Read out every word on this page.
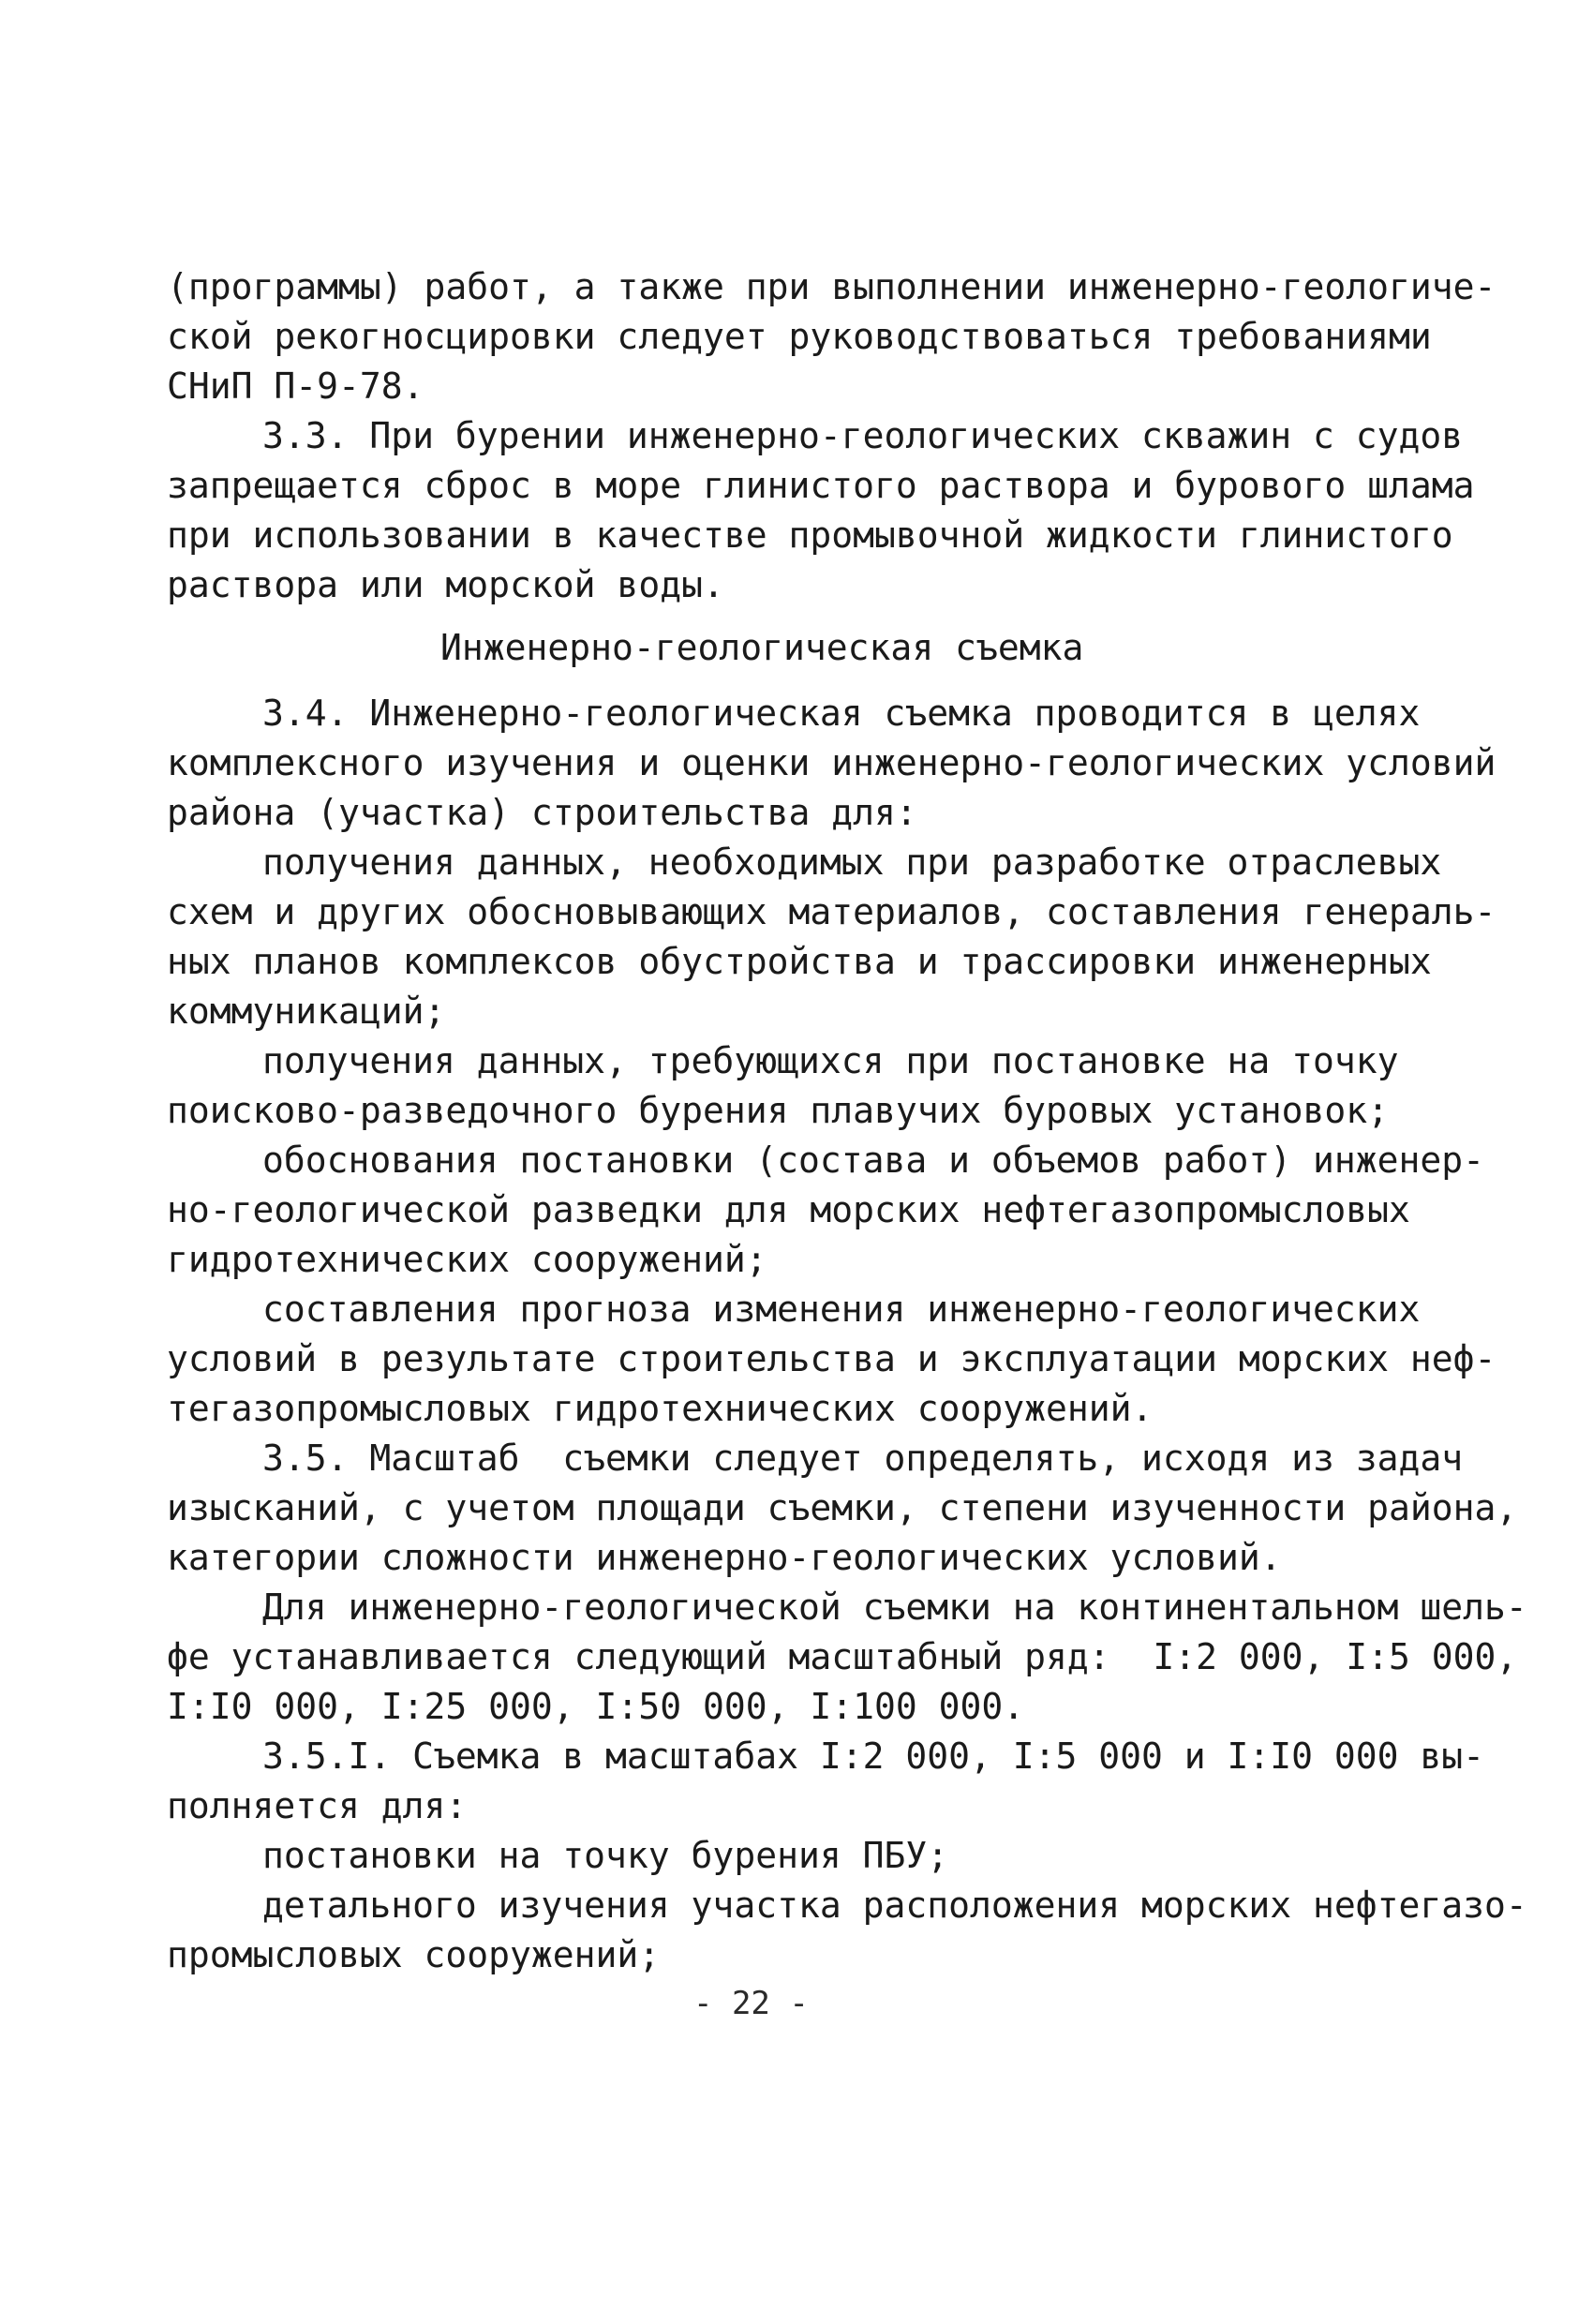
(программы) работ, а также при выполнении инженерно-геологиче-
ской рекогносцировки следует руководствоваться требованиями
СНиП П-9-78.
3.3. При бурении инженерно-геологических скважин с судов
запрещается сброс в море глинистого раствора и бурового шлама
при использовании в качестве промывочной жидкости глинистого
раствора или морской воды.
Инженерно-геологическая съемка
3.4. Инженерно-геологическая съемка проводится в целях
комплексного изучения и оценки инженерно-геологических условий
района (участка) строительства для:
получения данных, необходимых при разработке отраслевых
схем и других обосновывающих материалов, составления генераль-
ных планов комплексов обустройства и трассировки инженерных
коммуникаций;
получения данных, требующихся при постановке на точку
поисково-разведочного бурения плавучих буровых установок;
обоснования постановки (состава и объемов работ) инженер-
но-геологической разведки для морских нефтегазопромысловых
гидротехнических сооружений;
составления прогноза изменения инженерно-геологических
условий в результате строительства и эксплуатации морских неф-
тегазопромысловых гидротехнических сооружений.
3.5. Масштаб  съемки следует определять, исходя из задач
изысканий, с учетом площади съемки, степени изученности района,
категории сложности инженерно-геологических условий.
Для инженерно-геологической съемки на континентальном шель-
фе устанавливается следующий масштабный ряд:  I:2 000, I:5 000,
I:I0 000, I:25 000, I:50 000, I:100 000.
3.5.I. Съемка в масштабах I:2 000, I:5 000 и I:I0 000 вы-
полняется для:
постановки на точку бурения ПБУ;
детального изучения участка расположения морских нефтегазо-
промысловых сооружений;
- 22 -
